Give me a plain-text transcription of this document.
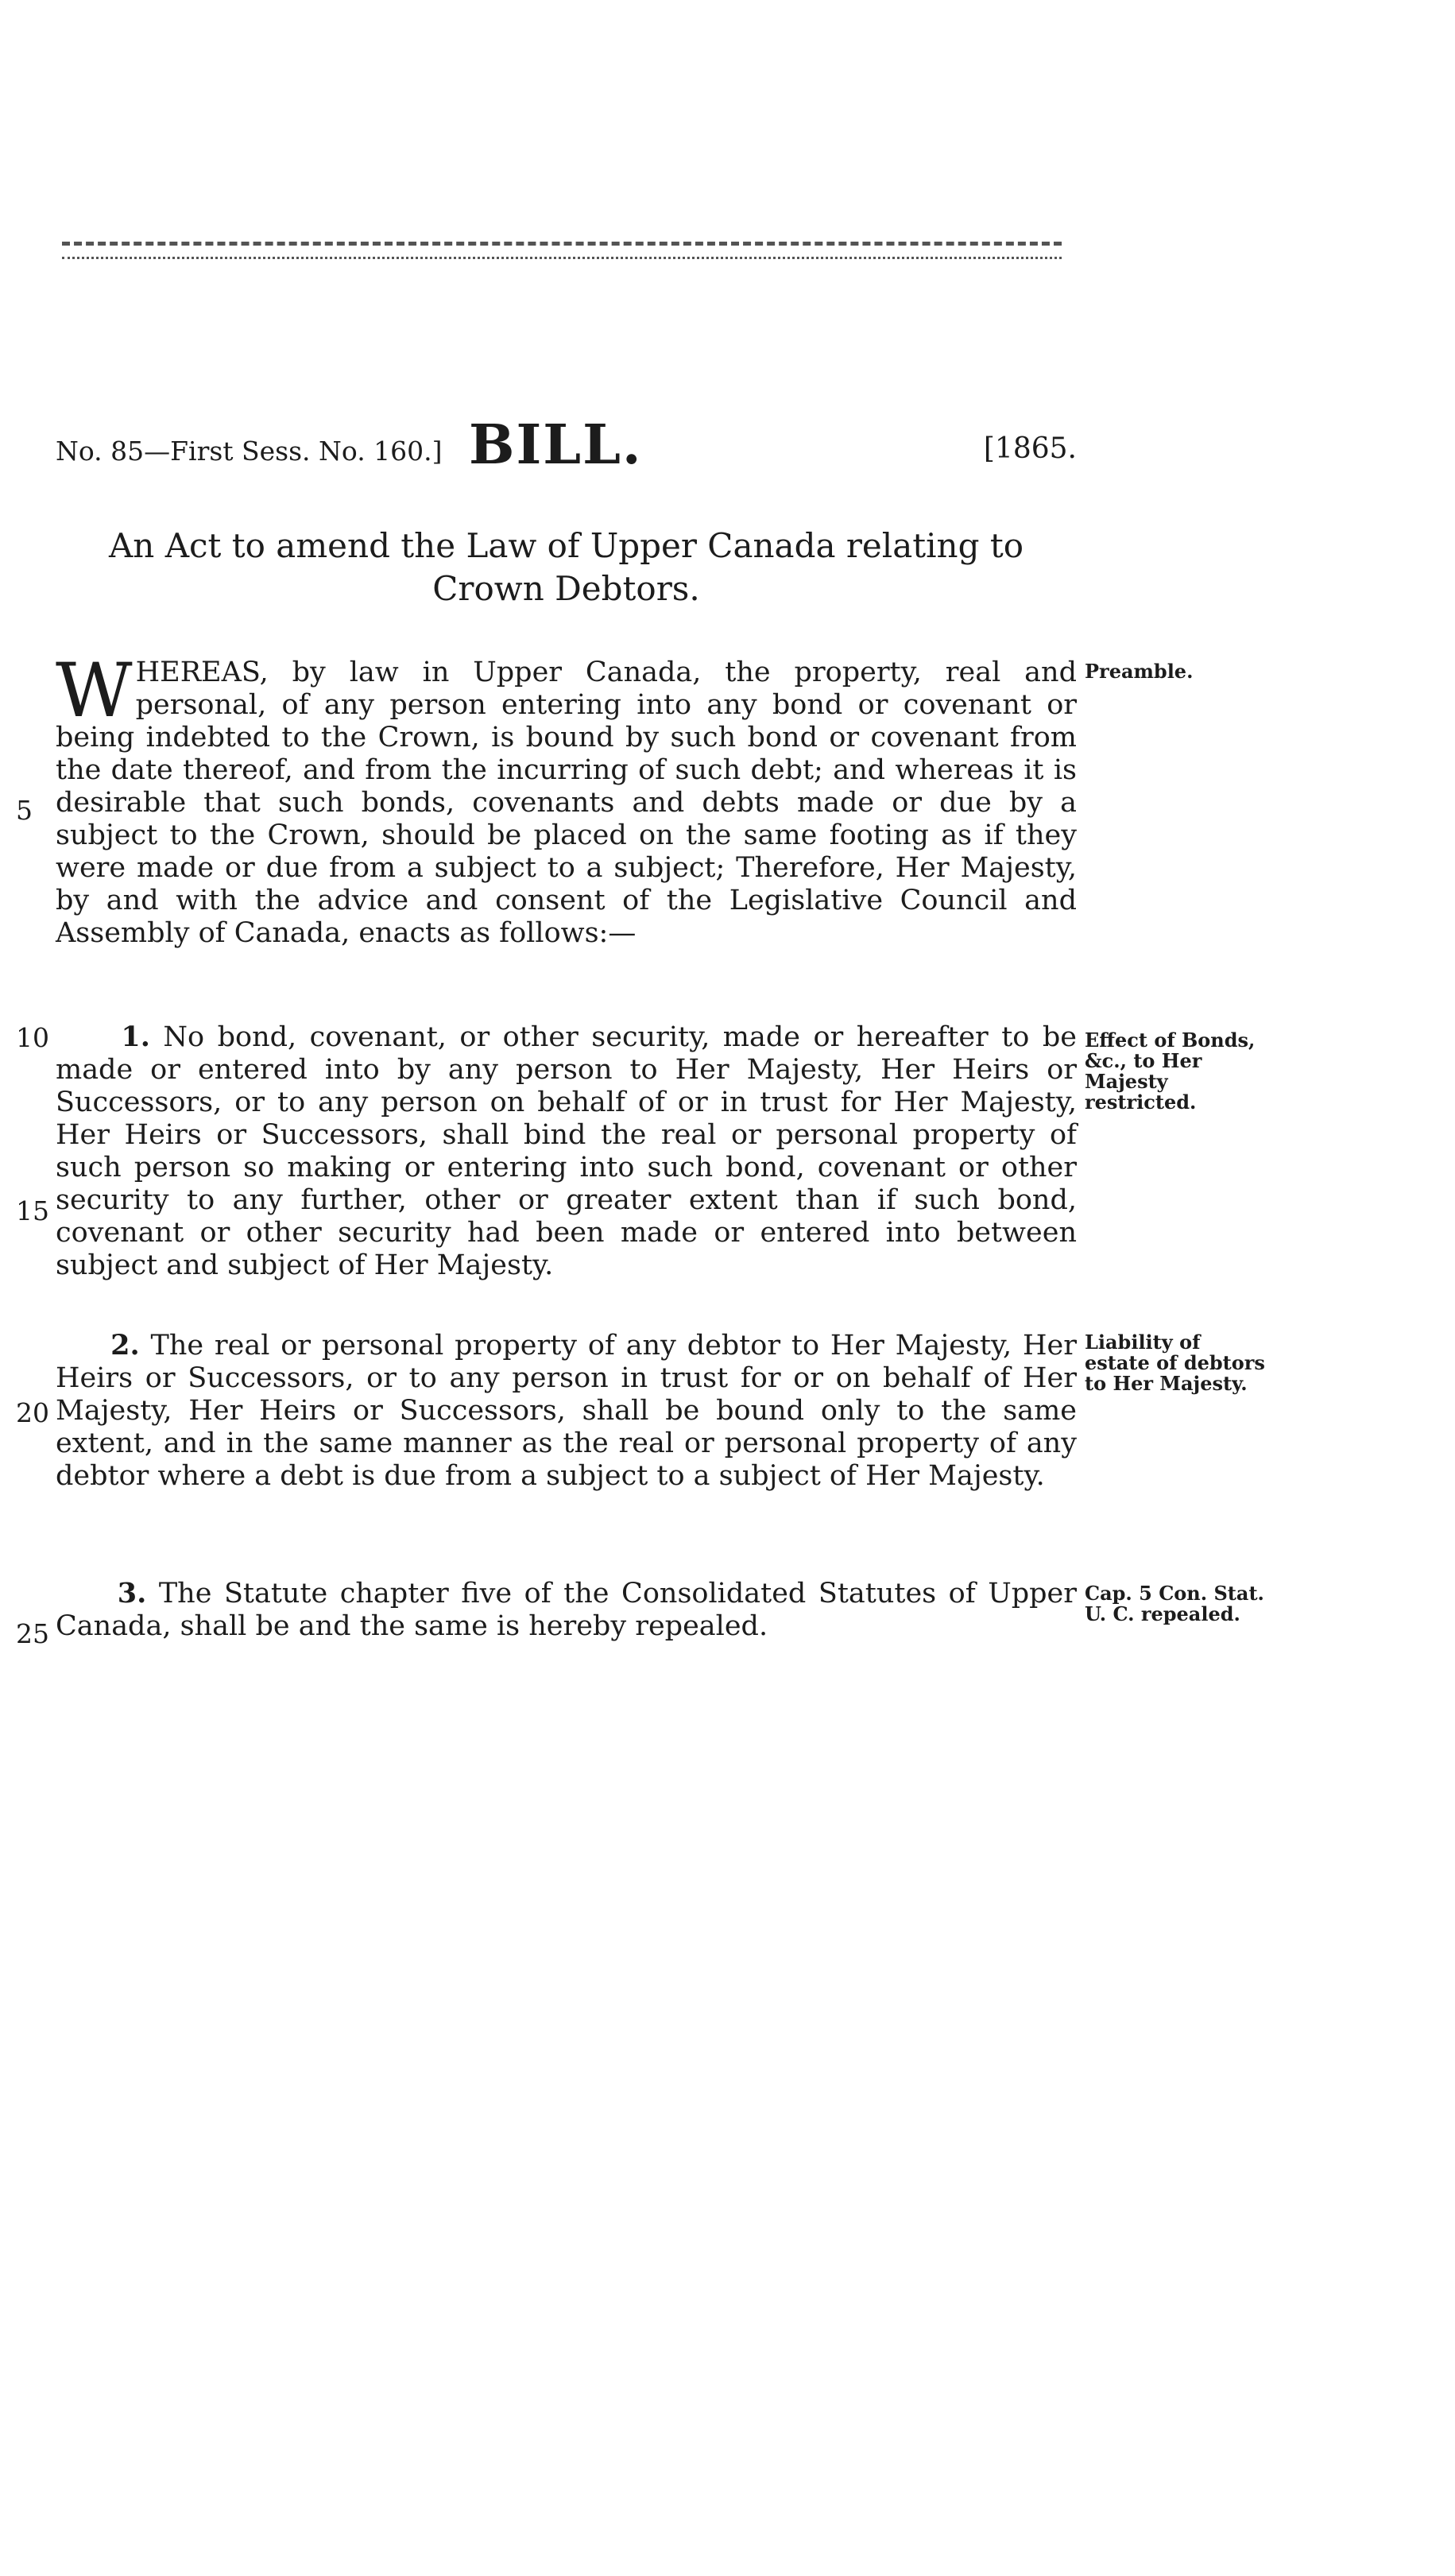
No. 85—First Sess. No. 160.] BILL.	[1865.
An Act to amend the Law of Upper Canada relating to Crown Debtors.
WHEREAS, by law in Upper Canada, the property, real and personal, of any person entering into any bond or covenant or being indebted to the Crown, is bound by such bond or covenant from the date thereof, and from the incurring of such debt; and whereas it is desirable that such bonds, covenants and debts made or due by a subject to the Crown, should be placed on the same footing as if they were made or due from a subject to a subject; Therefore, Her Majesty, by and with the advice and consent of the Legislative Council and Assembly of Canada, enacts as follows:—
1. No bond, covenant, or other security, made or hereafter to be made or entered into by any person to Her Majesty, Her Heirs or Successors, or to any person on behalf of or in trust for Her Majesty, Her Heirs or Successors, shall bind the real or personal property of such person so making or entering into such bond, covenant or other security to any further, other or greater extent than if such bond, covenant or other security had been made or entered into between subject and subject of Her Majesty.
2. The real or personal property of any debtor to Her Majesty, Her Heirs or Successors, or to any person in trust for or on behalf of Her Majesty, Her Heirs or Successors, shall be bound only to the same extent, and in the same manner as the real or personal property of any debtor where a debt is due from a subject to a subject of Her Majesty.
3. The Statute chapter five of the Consolidated Statutes of Upper Canada, shall be and the same is hereby repealed.
5
10
15
20
25
Preamble.
Effect of Bonds, &c., to Her Majesty restricted.
Liability of estate of debtors to Her Majesty.
Cap. 5 Con. Stat. U. C. repealed.
